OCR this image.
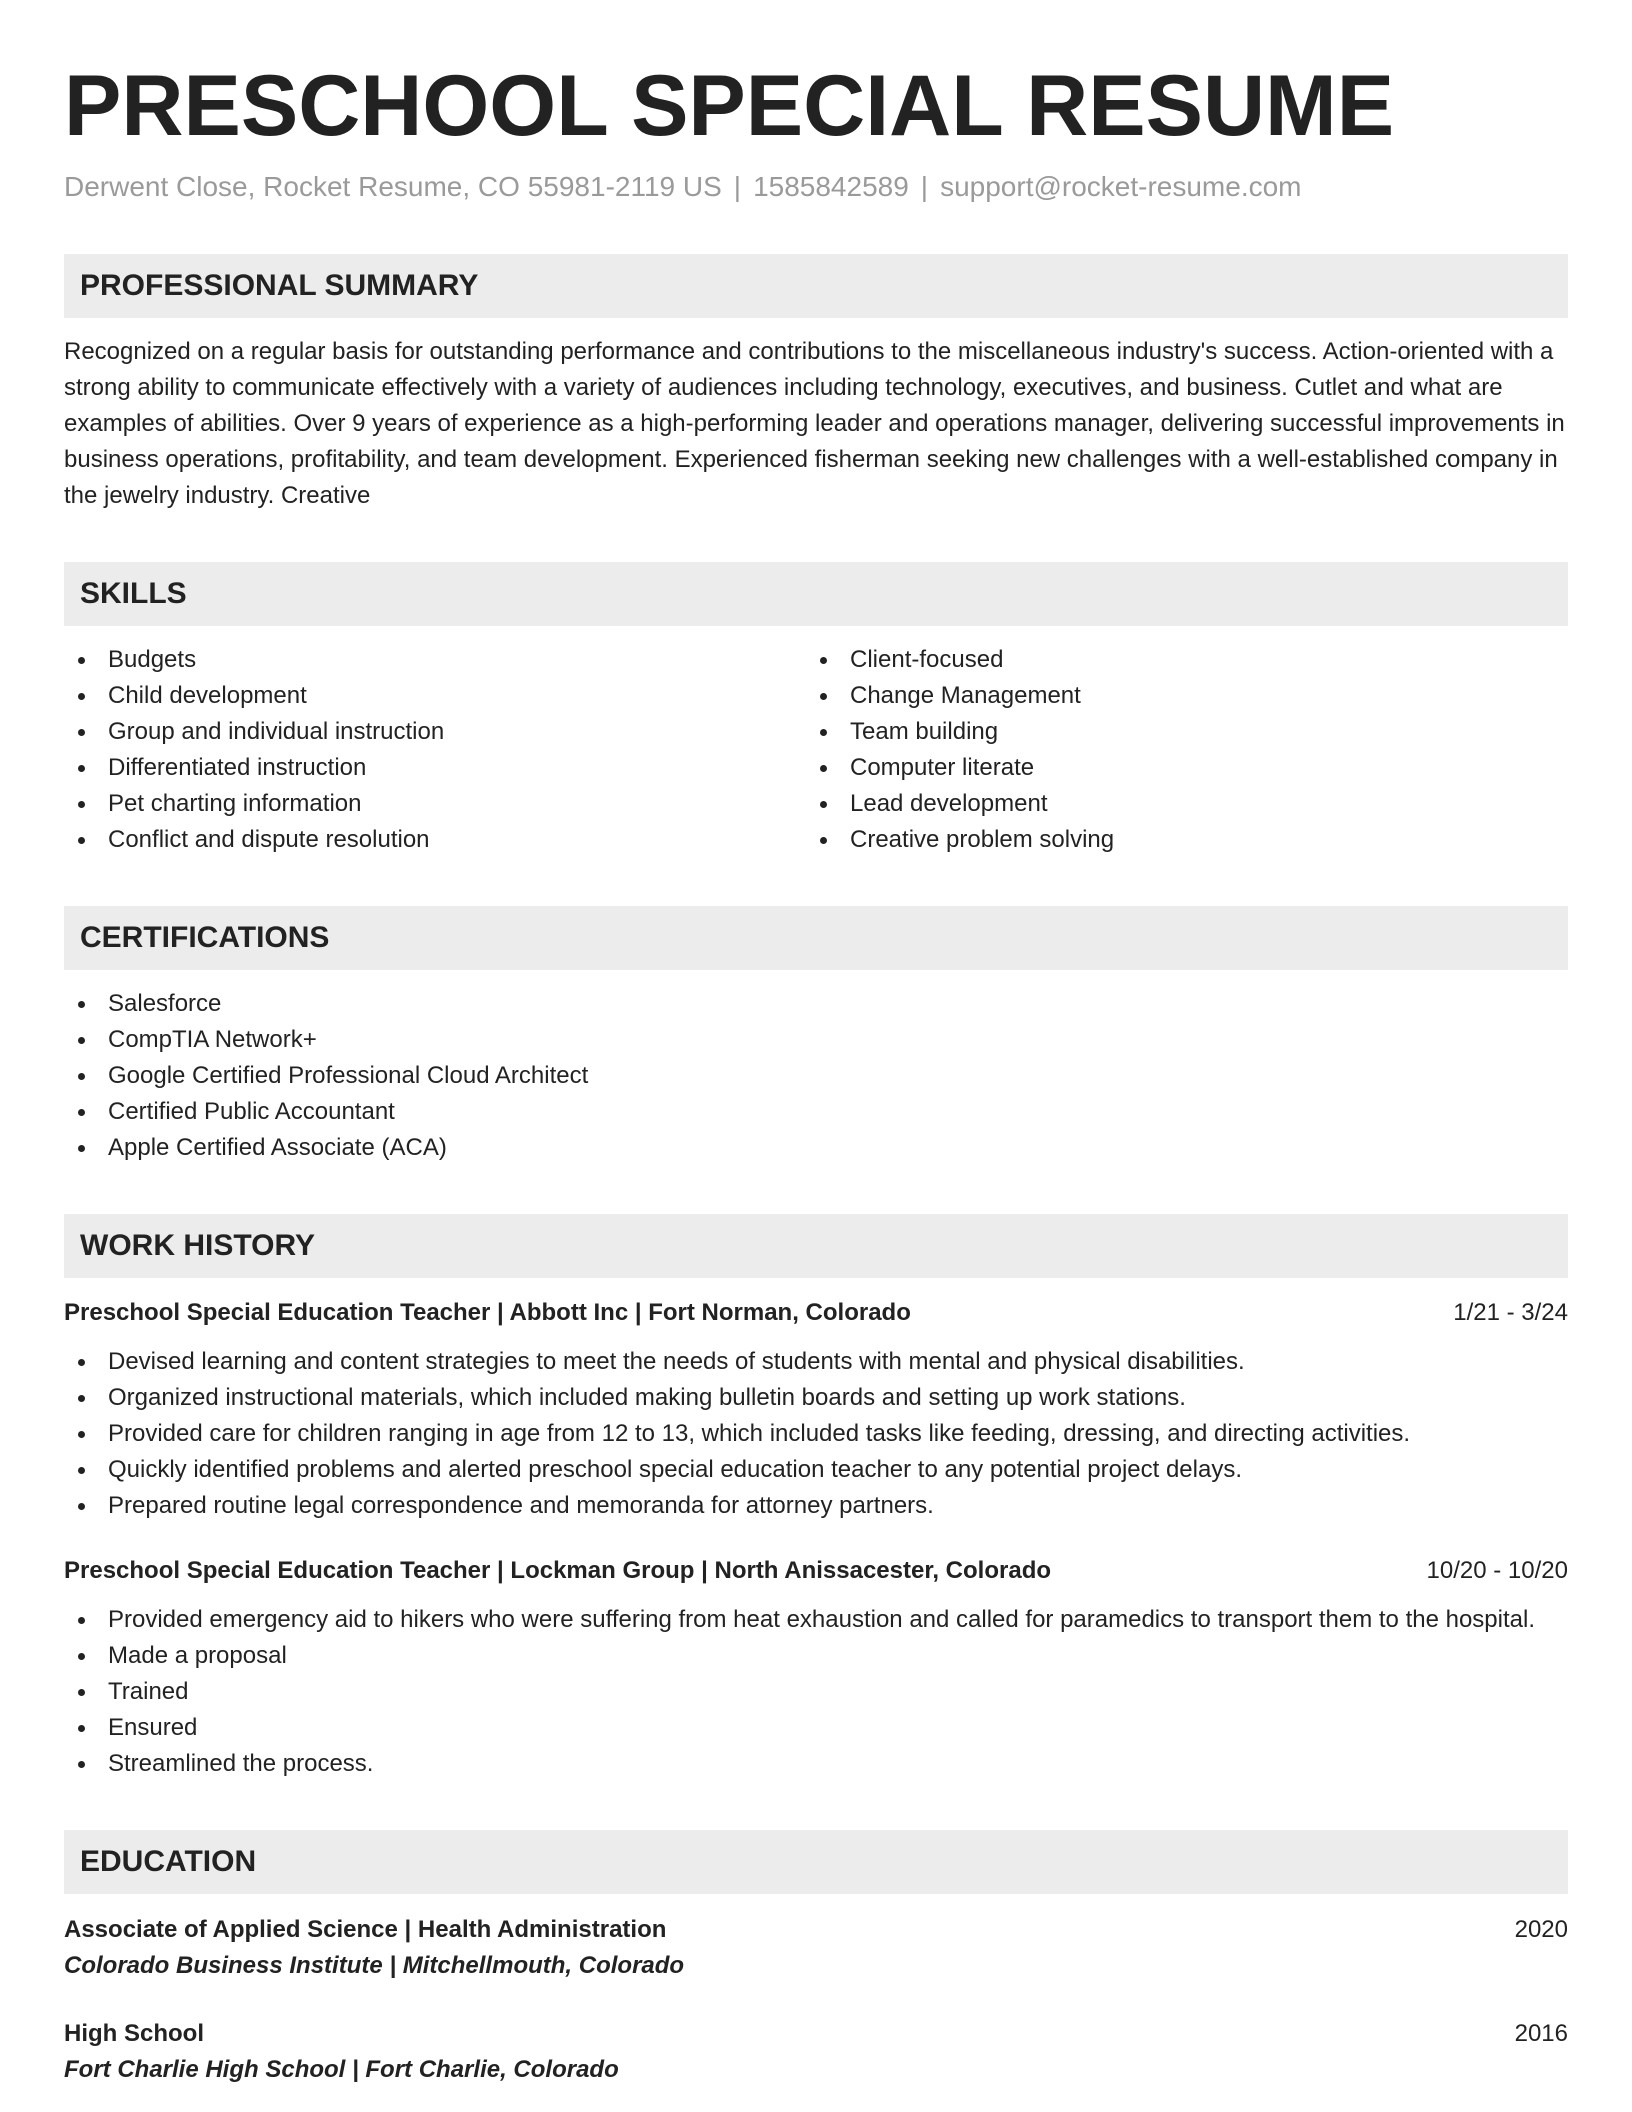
PRESCHOOL SPECIAL RESUME
Derwent Close, Rocket Resume, CO 55981-2119 US | 1585842589 | support@rocket-resume.com
PROFESSIONAL SUMMARY

Recognized on a regular basis for outstanding performance and contributions to the miscellaneous industry's success. Action-oriented with a strong ability to communicate effectively with a variety of audiences including technology, executives, and business. Cutlet and what are examples of abilities. Over 9 years of experience as a high-performing leader and operations manager, delivering successful improvements in business operations, profitability, and team development. Experienced fisherman seeking new challenges with a well-established company in the jewelry industry. Creative

SKILLS
Budgets
Child development
Group and individual instruction
Differentiated instruction
Pet charting information
Conflict and dispute resolution
Client-focused
Change Management
Team building
Computer literate
Lead development
Creative problem solving
CERTIFICATIONS
Salesforce
CompTIA Network+
Google Certified Professional Cloud Architect
Certified Public Accountant
Apple Certified Associate (ACA)
WORK HISTORY
Preschool Special Education Teacher | Abbott Inc | Fort Norman, Colorado	1/21 - 3/24
Devised learning and content strategies to meet the needs of students with mental and physical disabilities.
Organized instructional materials, which included making bulletin boards and setting up work stations.
Provided care for children ranging in age from 12 to 13, which included tasks like feeding, dressing, and directing activities.
Quickly identified problems and alerted preschool special education teacher to any potential project delays.
Prepared routine legal correspondence and memoranda for attorney partners.
Preschool Special Education Teacher | Lockman Group | North Anissacester, Colorado	10/20 - 10/20
Provided emergency aid to hikers who were suffering from heat exhaustion and called for paramedics to transport them to the hospital.
Made a proposal
Trained
Ensured
Streamlined the process.
EDUCATION
Associate of Applied Science | Health Administration	2020
Colorado Business Institute | Mitchellmouth, Colorado
High School	2016
Fort Charlie High School | Fort Charlie, Colorado
